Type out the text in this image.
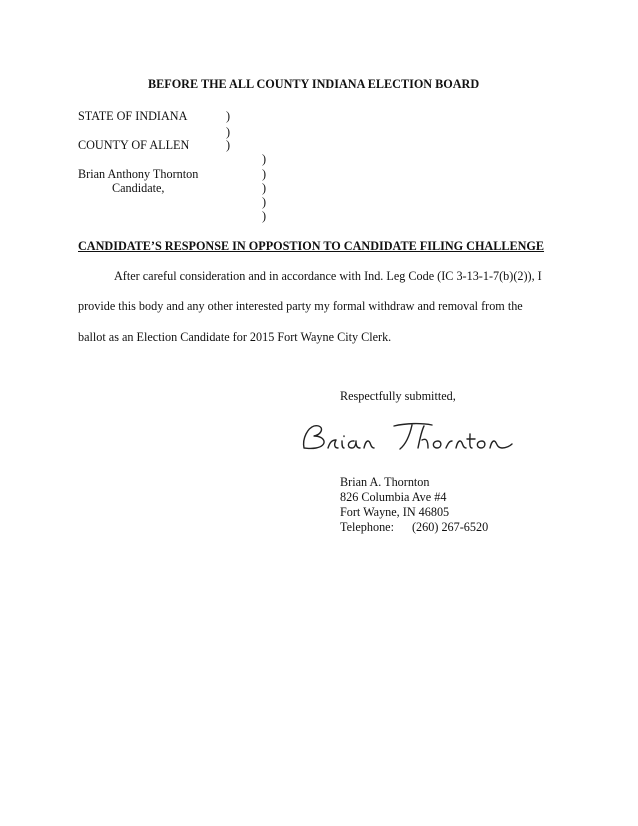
BEFORE THE ALL COUNTY INDIANA ELECTION BOARD
STATE OF INDIANA	)
)
COUNTY OF ALLEN	)
)
Brian Anthony Thornton	)
Candidate,	)
)
)
CANDIDATE’S RESPONSE IN OPPOSTION TO CANDIDATE FILING CHALLENGE
After careful consideration and in accordance with Ind. Leg Code (IC 3-13-1-7(b)(2)), I
provide this body and any other interested party my formal withdraw and removal from the
ballot as an Election Candidate for 2015 Fort Wayne City Clerk.
Respectfully submitted,
Brian A. Thornton
826 Columbia Ave #4
Fort Wayne, IN 46805
Telephone: (260) 267-6520
